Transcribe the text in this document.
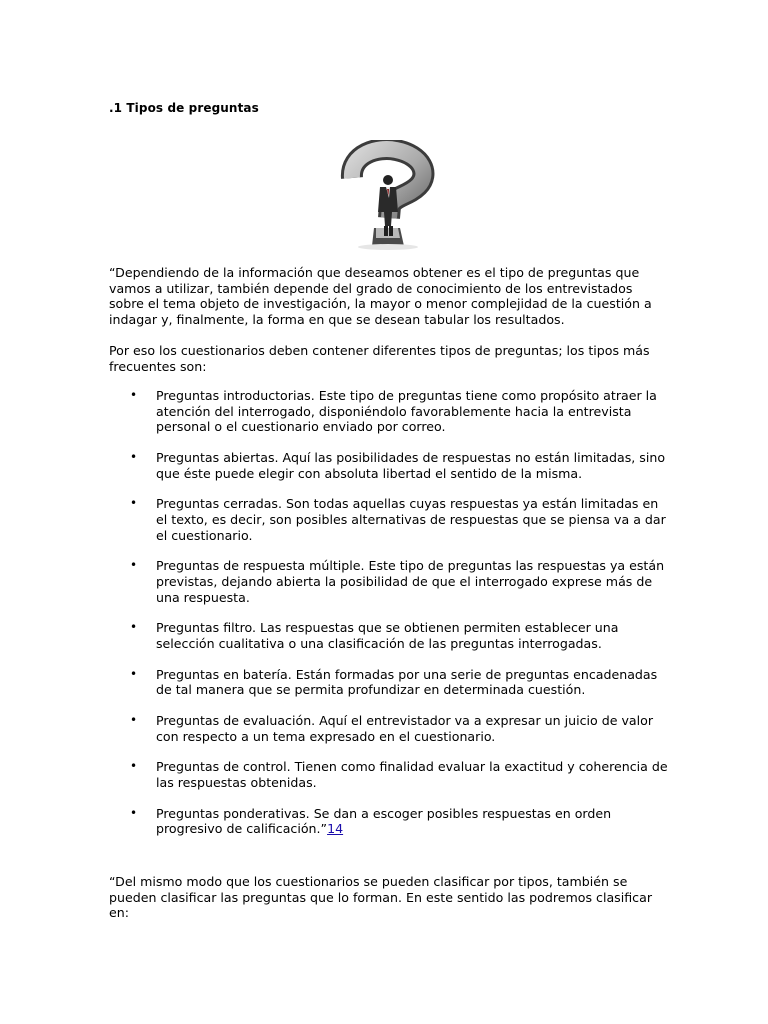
.1 Tipos de preguntas

“Dependiendo de la información que deseamos obtener es el tipo de preguntas que vamos a utilizar, también depende del grado de conocimiento de los entrevistados sobre el tema objeto de investigación, la mayor o menor complejidad de la cuestión a indagar y, finalmente, la forma en que se desean tabular los resultados.

Por eso los cuestionarios deben contener diferentes tipos de preguntas; los tipos más frecuentes son:

• Preguntas introductorias. Este tipo de preguntas tiene como propósito atraer la atención del interrogado, disponiéndolo favorablemente hacia la entrevista personal o el cuestionario enviado por correo.
• Preguntas abiertas. Aquí las posibilidades de respuestas no están limitadas, sino que éste puede elegir con absoluta libertad el sentido de la misma.
• Preguntas cerradas. Son todas aquellas cuyas respuestas ya están limitadas en el texto, es decir, son posibles alternativas de respuestas que se piensa va a dar el cuestionario.
• Preguntas de respuesta múltiple. Este tipo de preguntas las respuestas ya están previstas, dejando abierta la posibilidad de que el interrogado exprese más de una respuesta.
• Preguntas filtro. Las respuestas que se obtienen permiten establecer una selección cualitativa o una clasificación de las preguntas interrogadas.
• Preguntas en batería. Están formadas por una serie de preguntas encadenadas de tal manera que se permita profundizar en determinada cuestión.
• Preguntas de evaluación. Aquí el entrevistador va a expresar un juicio de valor con respecto a un tema expresado en el cuestionario.
• Preguntas de control. Tienen como finalidad evaluar la exactitud y coherencia de las respuestas obtenidas.
• Preguntas ponderativas. Se dan a escoger posibles respuestas en orden progresivo de calificación.”14

“Del mismo modo que los cuestionarios se pueden clasificar por tipos, también se pueden clasificar las preguntas que lo forman. En este sentido las podremos clasificar en:
